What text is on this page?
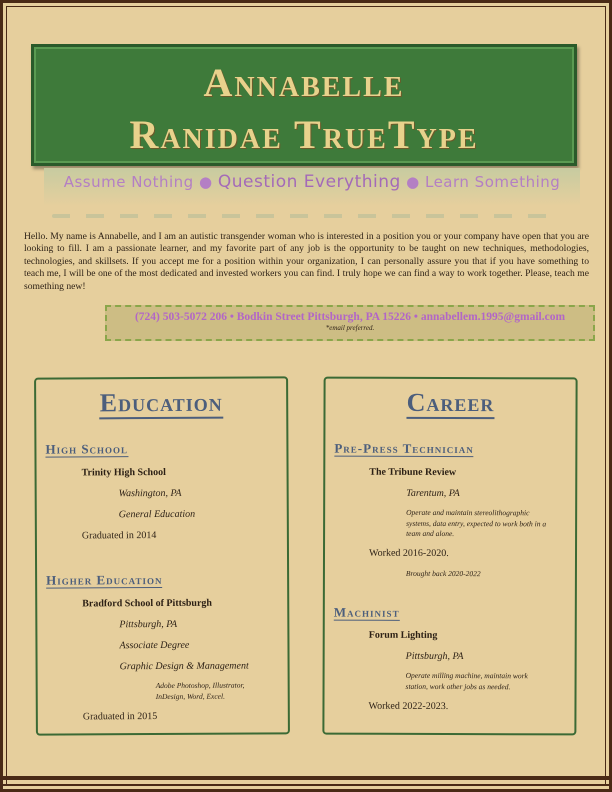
Annabelle
Ranidae TrueType
Assume Nothing ● Question Everything ● Learn Something
Hello. My name is Annabelle, and I am an autistic transgender woman who is interested in a position you or your company have open that you are looking to fill. I am a passionate learner, and my favorite part of any job is the opportunity to be taught on new techniques, methodologies, technologies, and skillsets. If you accept me for a position within your organization, I can personally assure you that if you have something to teach me, I will be one of the most dedicated and invested workers you can find. I truly hope we can find a way to work together. Please, teach me something new!
(724) 503-5072 206 • Bodkin Street Pittsburgh, PA 15226 • annabellem.1995@gmail.com
*email preferred.
Education
High School
Trinity High School
Washington, PA
General Education
Graduated in 2014
Higher Education
Bradford School of Pittsburgh
Pittsburgh, PA
Associate Degree
Graphic Design & Management
Adobe Photoshop, Illustrator,
InDesign, Word, Excel.
Graduated in 2015
Career
Pre-Press Technician
The Tribune Review
Tarentum, PA
Operate and maintain stereolithographic
systems, data entry, expected to work both in a
team and alone.
Worked 2016-2020.
Brought back 2020-2022
Machinist
Forum Lighting
Pittsburgh, PA
Operate milling machine, maintain work
station, work other jobs as needed.
Worked 2022-2023.
